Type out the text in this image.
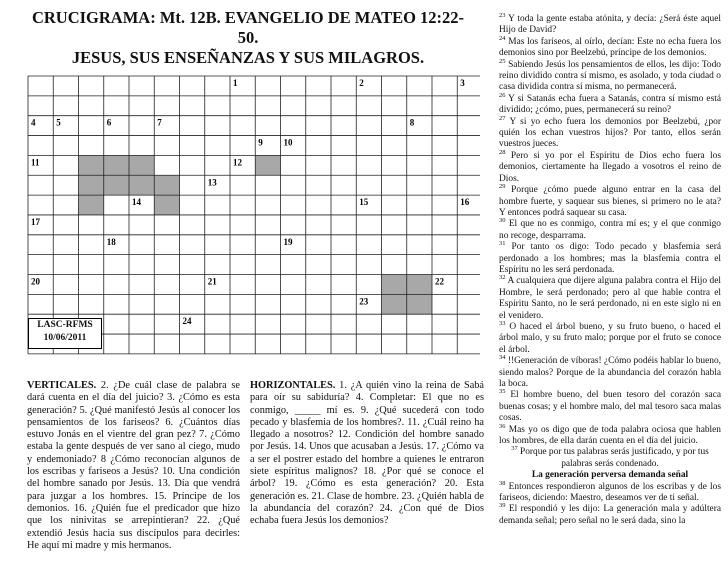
CRUCIGRAMA: Mt. 12B. EVANGELIO DE MATEO 12:22-50.
JESUS, SUS ENSEÑANZAS Y SUS MILAGROS.
1	2	3
4 5	6	7	8
9 10
11	12
13
14	15	16
17
18	19
20	21	22
23
24
LASC-RFMS
10/06/2011
VERTICALES. 2. ¿De cuál clase de palabra se dará cuenta en el día del juicio? 3. ¿Cómo es esta generación? 5. ¿Qué manifestó Jesús al conocer los pensamientos de los fariseos? 6. ¿Cuántos días estuvo Jonás en el vientre del gran pez? 7. ¿Cómo estaba la gente después de ver sano al ciego, mudo y endemoniado? 8 ¿Cómo reconocían algunos de los escribas y fariseos a Jesús? 10. Una condición del hombre sanado por Jesús. 13. Día que vendrá para juzgar a los hombres. 15. Príncipe de los demonios. 16. ¿Quién fue el predicador que hizo que los ninivitas se arrepintieran? 22. ¿Qué extendió Jesús hacia sus discípulos para decirles: He aquí mi madre y mis hermanos.
HORIZONTALES. 1. ¿A quién vino la reina de Sabá para oír su sabiduría? 4. Completar: El que no es conmigo, _____ mí es. 9. ¿Qué sucederá con todo pecado y blasfemia de los hombres?. 11. ¿Cuál reino ha llegado a nosotros? 12. Condición del hombre sanado por Jesús. 14. Unos que acusaban a Jesús. 17. ¿Cómo va a ser el postrer estado del hombre a quienes le entraron siete espíritus malignos? 18. ¿Por qué se conoce el árbol? 19. ¿Cómo es esta generación? 20. Esta generación es. 21. Clase de hombre. 23. ¿Quién habla de la abundancia del corazón? 24. ¿Con qué de Dios echaba fuera Jesús los demonios?

$^{23}$ Y toda la gente estaba atónita, y decía: ¿Será éste aquel Hijo de David?

$^{24}$ Mas los fariseos, al oírlo, decían: Este no echa fuera los demonios sino por Beelzebú, príncipe de los demonios.

$^{25}$ Sabiendo Jesús los pensamientos de ellos, les dijo: Todo reino dividido contra sí mismo, es asolado, y toda ciudad o casa dividida contra sí misma, no permanecerá.

$^{26}$ Y si Satanás echa fuera a Satanás, contra sí mismo está dividido; ¿cómo, pues, permanecerá su reino?

$^{27}$ Y si yo echo fuera los demonios por Beelzebú, ¿por quién los echan vuestros hijos? Por tanto, ellos serán vuestros jueces.

$^{28}$ Pero si yo por el Espíritu de Dios echo fuera los demonios, ciertamente ha llegado a vosotros el reino de Dios.

$^{29}$ Porque ¿cómo puede alguno entrar en la casa del hombre fuerte, y saquear sus bienes, si primero no le ata? Y entonces podrá saquear su casa.

$^{30}$ El que no es conmigo, contra mí es; y el que conmigo no recoge, desparrama.

$^{31}$ Por tanto os digo: Todo pecado y blasfemia será perdonado a los hombres; mas la blasfemia contra el Espíritu no les será perdonada.

$^{32}$ A cualquiera que dijere alguna palabra contra el Hijo del Hombre, le será perdonado; pero al que hable contra el Espíritu Santo, no le será perdonado, ni en este siglo ni en el venidero.

$^{33}$ O haced el árbol bueno, y su fruto bueno, o haced el árbol malo, y su fruto malo; porque por el fruto se conoce el árbol.

$^{34}$ !!Generación de víboras! ¿Cómo podéis hablar lo bueno, siendo malos? Porque de la abundancia del corazón habla la boca.

$^{35}$ El hombre bueno, del buen tesoro del corazón saca buenas cosas; y el hombre malo, del mal tesoro saca malas cosas.

$^{36}$ Mas yo os digo que de toda palabra ociosa que hablen los hombres, de ella darán cuenta en el día del juicio.

$^{37}$ Porque por tus palabras serás justificado, y por tus palabras serás condenado.

La generación perversa demanda señal

$^{38}$ Entonces respondieron algunos de los escribas y de los fariseos, diciendo: Maestro, deseamos ver de ti señal.

$^{39}$ El respondió y les dijo: La generación mala y adúltera demanda señal; pero señal no le será dada, sino la
